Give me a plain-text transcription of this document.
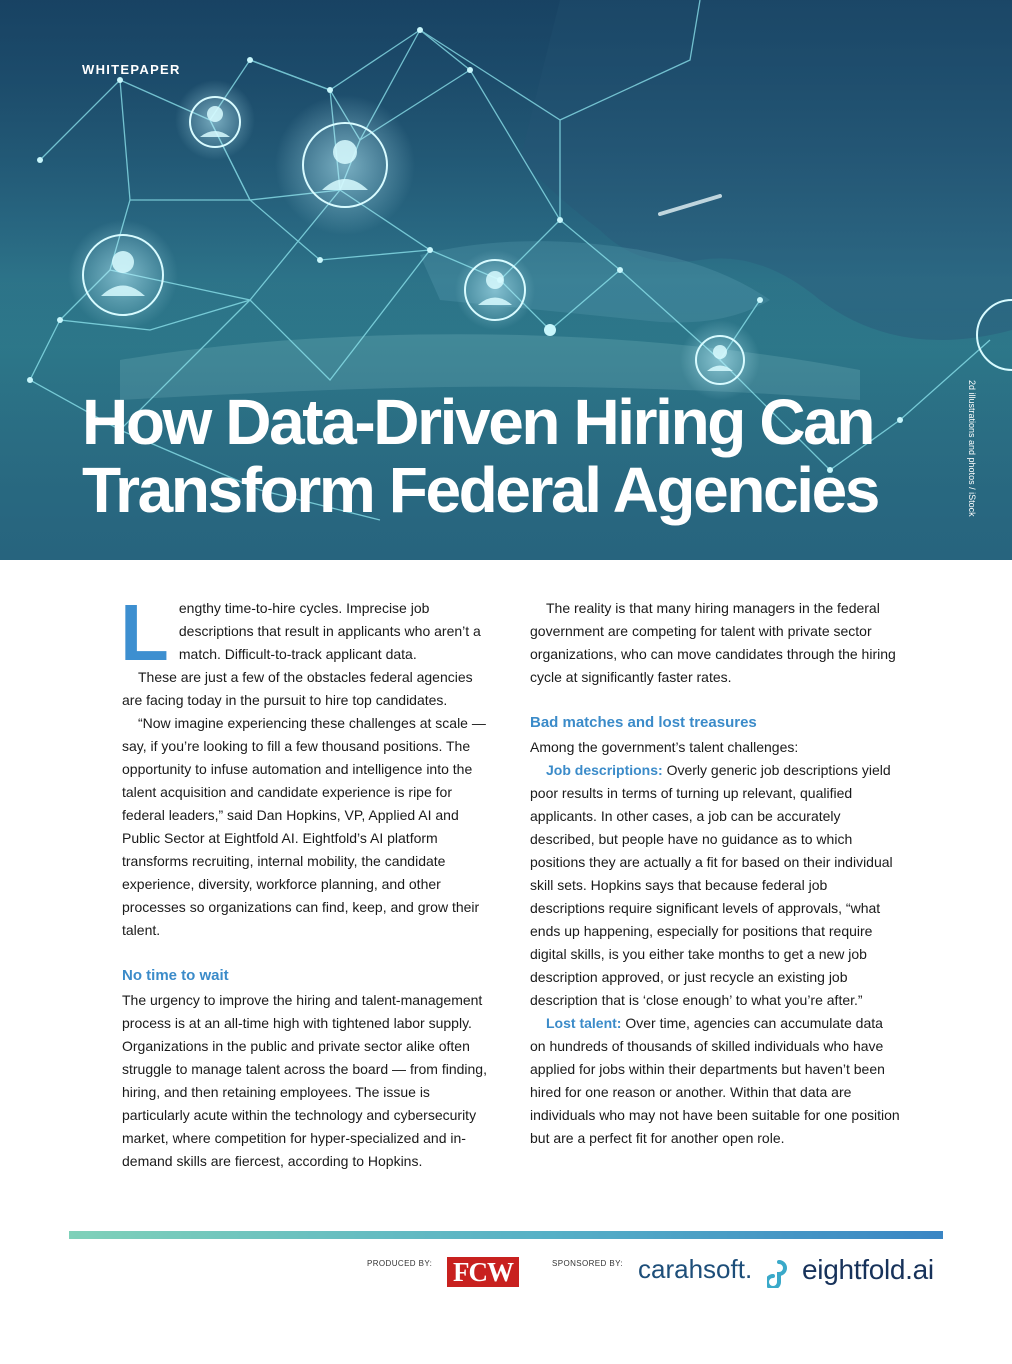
WHITEPAPER
How Data-Driven Hiring Can
Transform Federal Agencies	2d illustrations and photos / iStock
L engthy time-to-hire cycles. Imprecise job descriptions that result in applicants who aren’t a match. Difficult-to-track applicant data.

These are just a few of the obstacles federal agencies are facing today in the pursuit to hire top candidates.

“Now imagine experiencing these challenges at scale — say, if you’re looking to fill a few thousand positions. The opportunity to infuse automation and intelligence into the talent acquisition and candidate experience is ripe for federal leaders,” said Dan Hopkins, VP, Applied AI and Public Sector at Eightfold AI. Eightfold’s AI platform transforms recruiting, internal mobility, the candidate experience, diversity, workforce planning, and other processes so organizations can find, keep, and grow their talent.

No time to wait

The urgency to improve the hiring and talent-management process is at an all-time high with tightened labor supply. Organizations in the public and private sector alike often struggle to manage talent across the board — from finding, hiring, and then retaining employees. The issue is particularly acute within the technology and cybersecurity market, where competition for hyper-specialized and in-demand skills are fiercest, according to Hopkins.

The reality is that many hiring managers in the federal government are competing for talent with private sector organizations, who can move candidates through the hiring cycle at significantly faster rates.

Bad matches and lost treasures

Among the government’s talent challenges:

Job descriptions: Overly generic job descriptions yield poor results in terms of turning up relevant, qualified applicants. In other cases, a job can be accurately described, but people have no guidance as to which positions they are actually a fit for based on their individual skill sets. Hopkins says that because federal job descriptions require significant levels of approvals, “what ends up happening, especially for positions that require digital skills, is you either take months to get a new job description approved, or just recycle an existing job description that is ‘close enough’ to what you’re after.”

Lost talent: Over time, agencies can accumulate data on hundreds of thousands of skilled individuals who have applied for jobs within their departments but haven’t been hired for one reason or another. Within that data are individuals who may not have been suitable for one position but are a perfect fit for another open role.

PRODUCED BY: FCW	SPONSORED BY: carahsoft. eightfold.ai
